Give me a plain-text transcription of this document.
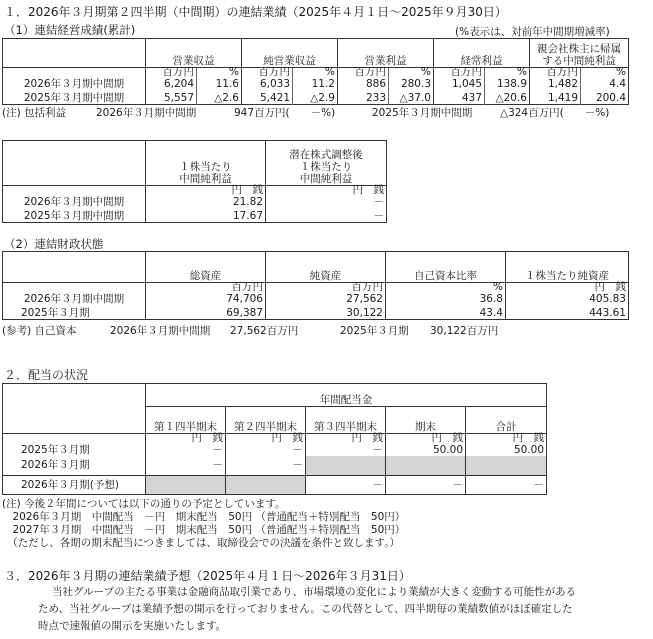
１．2026年３月期第２四半期（中間期）の連結業績（2025年４月１日～2025年９月30日）
（1）連結経営成績(累計)	(%表示は、対前年中間期増減率)
	営業収益		純営業収益		営業利益		経常利益		親会社株主に帰属
する中間純利益	

	百万円	%	百万円	%	百万円	%	百万円	%	百万円	%
2026年３月期中間期	6,204	11.6	6,033	11.2	886	280.3	1,045	138.9	1,482	4.4
2025年３月期中間期	5,557	△2.6	5,421	△2.9	233	△37.0	437	△20.6	1,419	200.4
(注) 包括利益	2026年３月期中間期	947百万円(　　－%)	2025年３月期中間期	△324百万円(　　－%)

１株当たり
中間純利益

潜在株式調整後
１株当たり
中間純利益

	円　銭	円　銭
2026年３月期中間期	21.82	－
2025年３月期中間期	17.67	－
（2）連結財政状態
	総資産	純資産	自己資本比率	１株当たり純資産
	百万円	百万円	%	円　銭
2026年３月期中間期	74,706	27,562	36.8	405.83
2025年３月期	69,387	30,122	43.4	443.61
(参考) 自己資本	2026年３月期中間期 27,562百万円	2025年３月期 30,122百万円
２．配当の状況
	年間配当金				
	第１四半期末	第２四半期末	第３四半期末	期末	合計
	円　銭	円　銭	円　銭	円　銭	円　銭
2025年３月期	－	－	－	50.00	50.00
2026年３月期	－	－			
2026年３月期(予想)			－	－	－
(注) 今後２年間については以下の通りの予定としています。
　2026年３月期　中間配当　－円　期末配当　50円 （普通配当＋特別配当　50円）
　2027年３月期　中間配当　－円　期末配当　50円 （普通配当＋特別配当　50円）
　（ただし、各期の期末配当につきましては、取締役会での決議を条件と致します。）
３．2026年３月期の連結業績予想（2025年４月１日～2026年３月31日）
当社グループの主たる事業は金融商品取引業であり、市場環境の変化により業績が大きく変動する可能性がある
ため、当社グループは業績予想の開示を行っておりません。この代替として、四半期毎の業績数値がほぼ確定した
時点で速報値の開示を実施いたします。
